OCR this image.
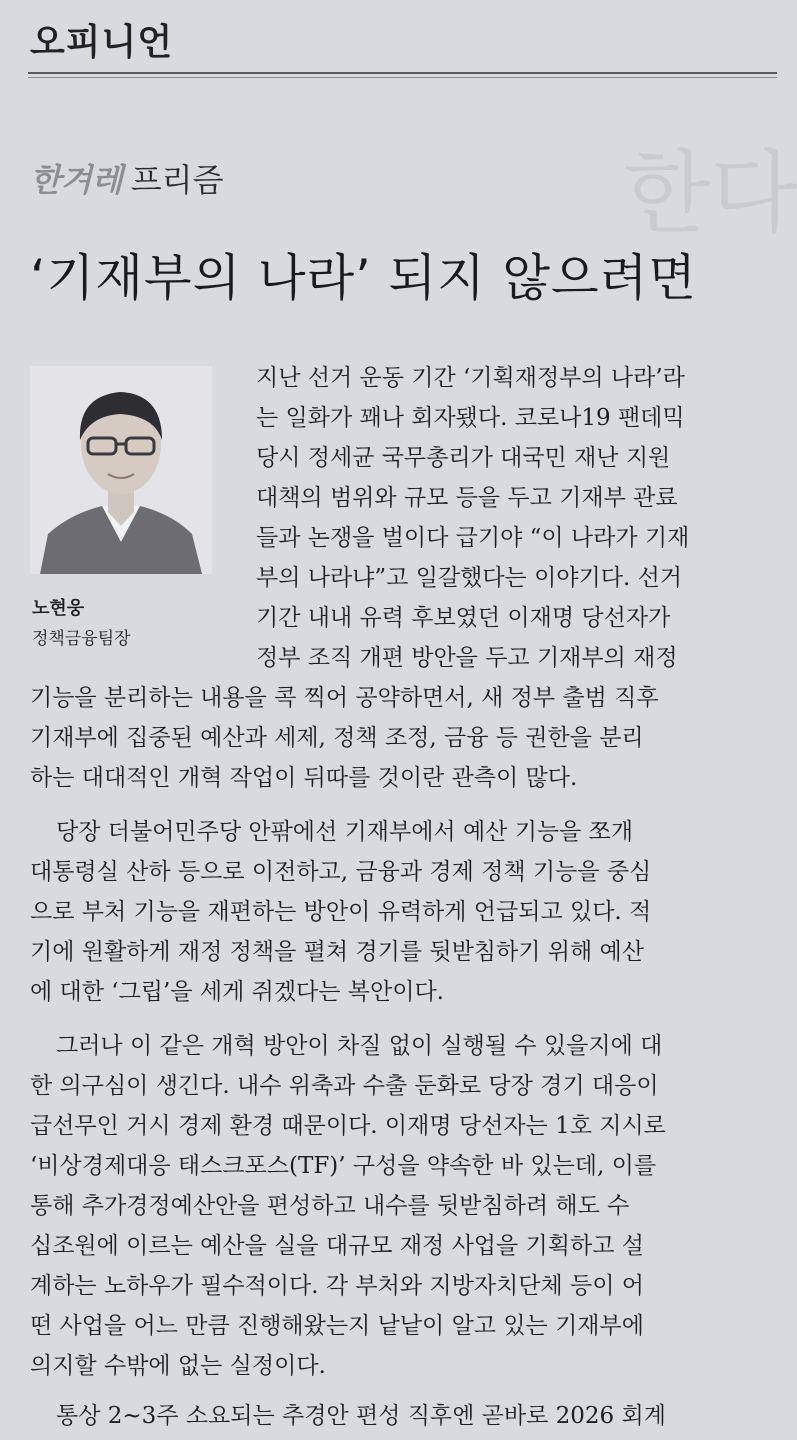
한다
오피니언
한겨레 프리즘
‘기재부의 나라’ 되지 않으려면
노현웅
정책금융팀장
지난 선거 운동 기간 ‘기획재정부의 나라’라
는 일화가 꽤나 회자됐다. 코로나19 팬데믹
당시 정세균 국무총리가 대국민 재난 지원
대책의 범위와 규모 등을 두고 기재부 관료
들과 논쟁을 벌이다 급기야 “이 나라가 기재
부의 나라냐”고 일갈했다는 이야기다. 선거
기간 내내 유력 후보였던 이재명 당선자가
정부 조직 개편 방안을 두고 기재부의 재정
기능을 분리하는 내용을 콕 찍어 공약하면서, 새 정부 출범 직후
기재부에 집중된 예산과 세제, 정책 조정, 금융 등 권한을 분리
하는 대대적인 개혁 작업이 뒤따를 것이란 관측이 많다.
당장 더불어민주당 안팎에선 기재부에서 예산 기능을 쪼개
대통령실 산하 등으로 이전하고, 금융과 경제 정책 기능을 중심
으로 부처 기능을 재편하는 방안이 유력하게 언급되고 있다. 적
기에 원활하게 재정 정책을 펼쳐 경기를 뒷받침하기 위해 예산
에 대한 ‘그립’을 세게 쥐겠다는 복안이다.
그러나 이 같은 개혁 방안이 차질 없이 실행될 수 있을지에 대
한 의구심이 생긴다. 내수 위축과 수출 둔화로 당장 경기 대응이
급선무인 거시 경제 환경 때문이다. 이재명 당선자는 1호 지시로
‘비상경제대응 태스크포스(TF)’ 구성을 약속한 바 있는데, 이를
통해 추가경정예산안을 편성하고 내수를 뒷받침하려 해도 수
십조원에 이르는 예산을 실을 대규모 재정 사업을 기획하고 설
계하는 노하우가 필수적이다. 각 부처와 지방자치단체 등이 어
떤 사업을 어느 만큼 진행해왔는지 낱낱이 알고 있는 기재부에
의지할 수밖에 없는 실정이다.
통상 2~3주 소요되는 추경안 편성 직후엔 곧바로 2026 회계
